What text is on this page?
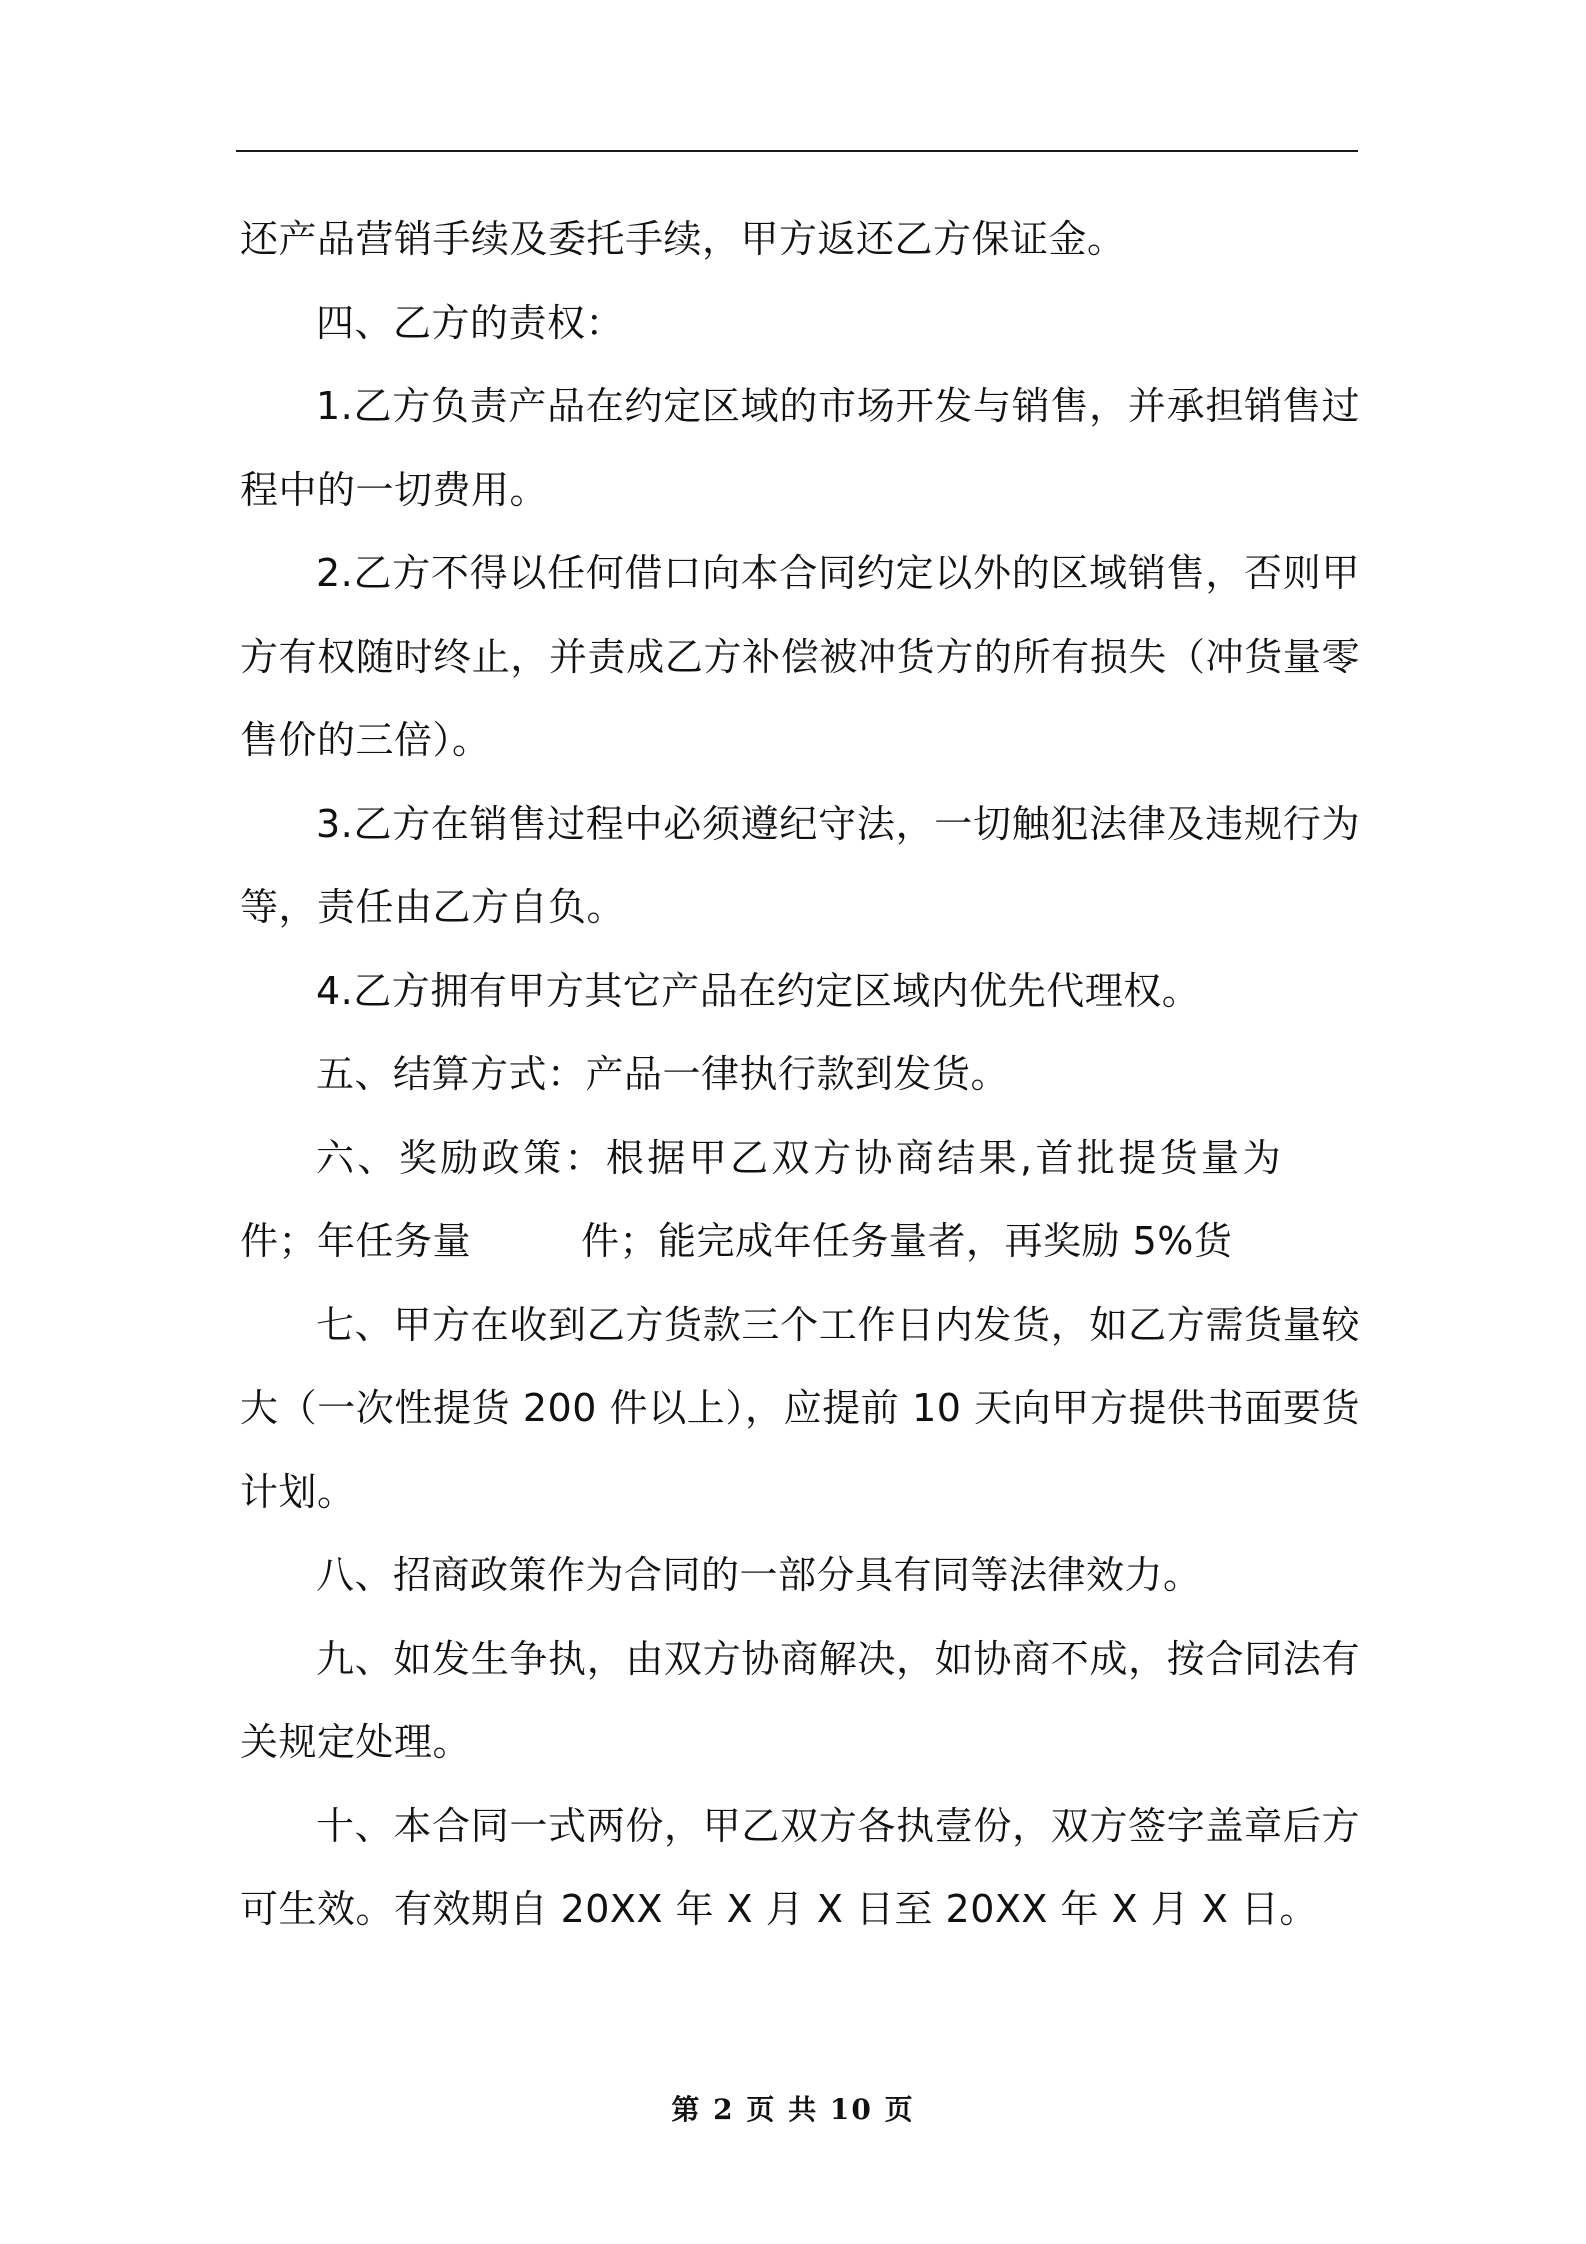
还产品营销手续及委托手续，甲方返还乙方保证金。

四、乙方的责权：

1.乙方负责产品在约定区域的市场开发与销售，并承担销售过程中的一切费用。

2.乙方不得以任何借口向本合同约定以外的区域销售，否则甲方有权随时终止，并责成乙方补偿被冲货方的所有损失（冲货量零售价的三倍）。

3.乙方在销售过程中必须遵纪守法，一切触犯法律及违规行为等，责任由乙方自负。

4.乙方拥有甲方其它产品在约定区域内优先代理权。

五、结算方式：产品一律执行款到发货。

六、奖励政策：根据甲乙双方协商结果,首批提货量为件；年任务量	件；能完成年任务量者，再奖励 5%货

七、甲方在收到乙方货款三个工作日内发货，如乙方需货量较大（一次性提货 200 件以上），应提前 10 天向甲方提供书面要货计划。

八、招商政策作为合同的一部分具有同等法律效力。

九、如发生争执，由双方协商解决，如协商不成，按合同法有关规定处理。

十、本合同一式两份，甲乙双方各执壹份，双方签字盖章后方可生效。有效期自 20XX 年 X 月 X 日至 20XX 年 X 月 X 日。

第 2 页 共 10 页
